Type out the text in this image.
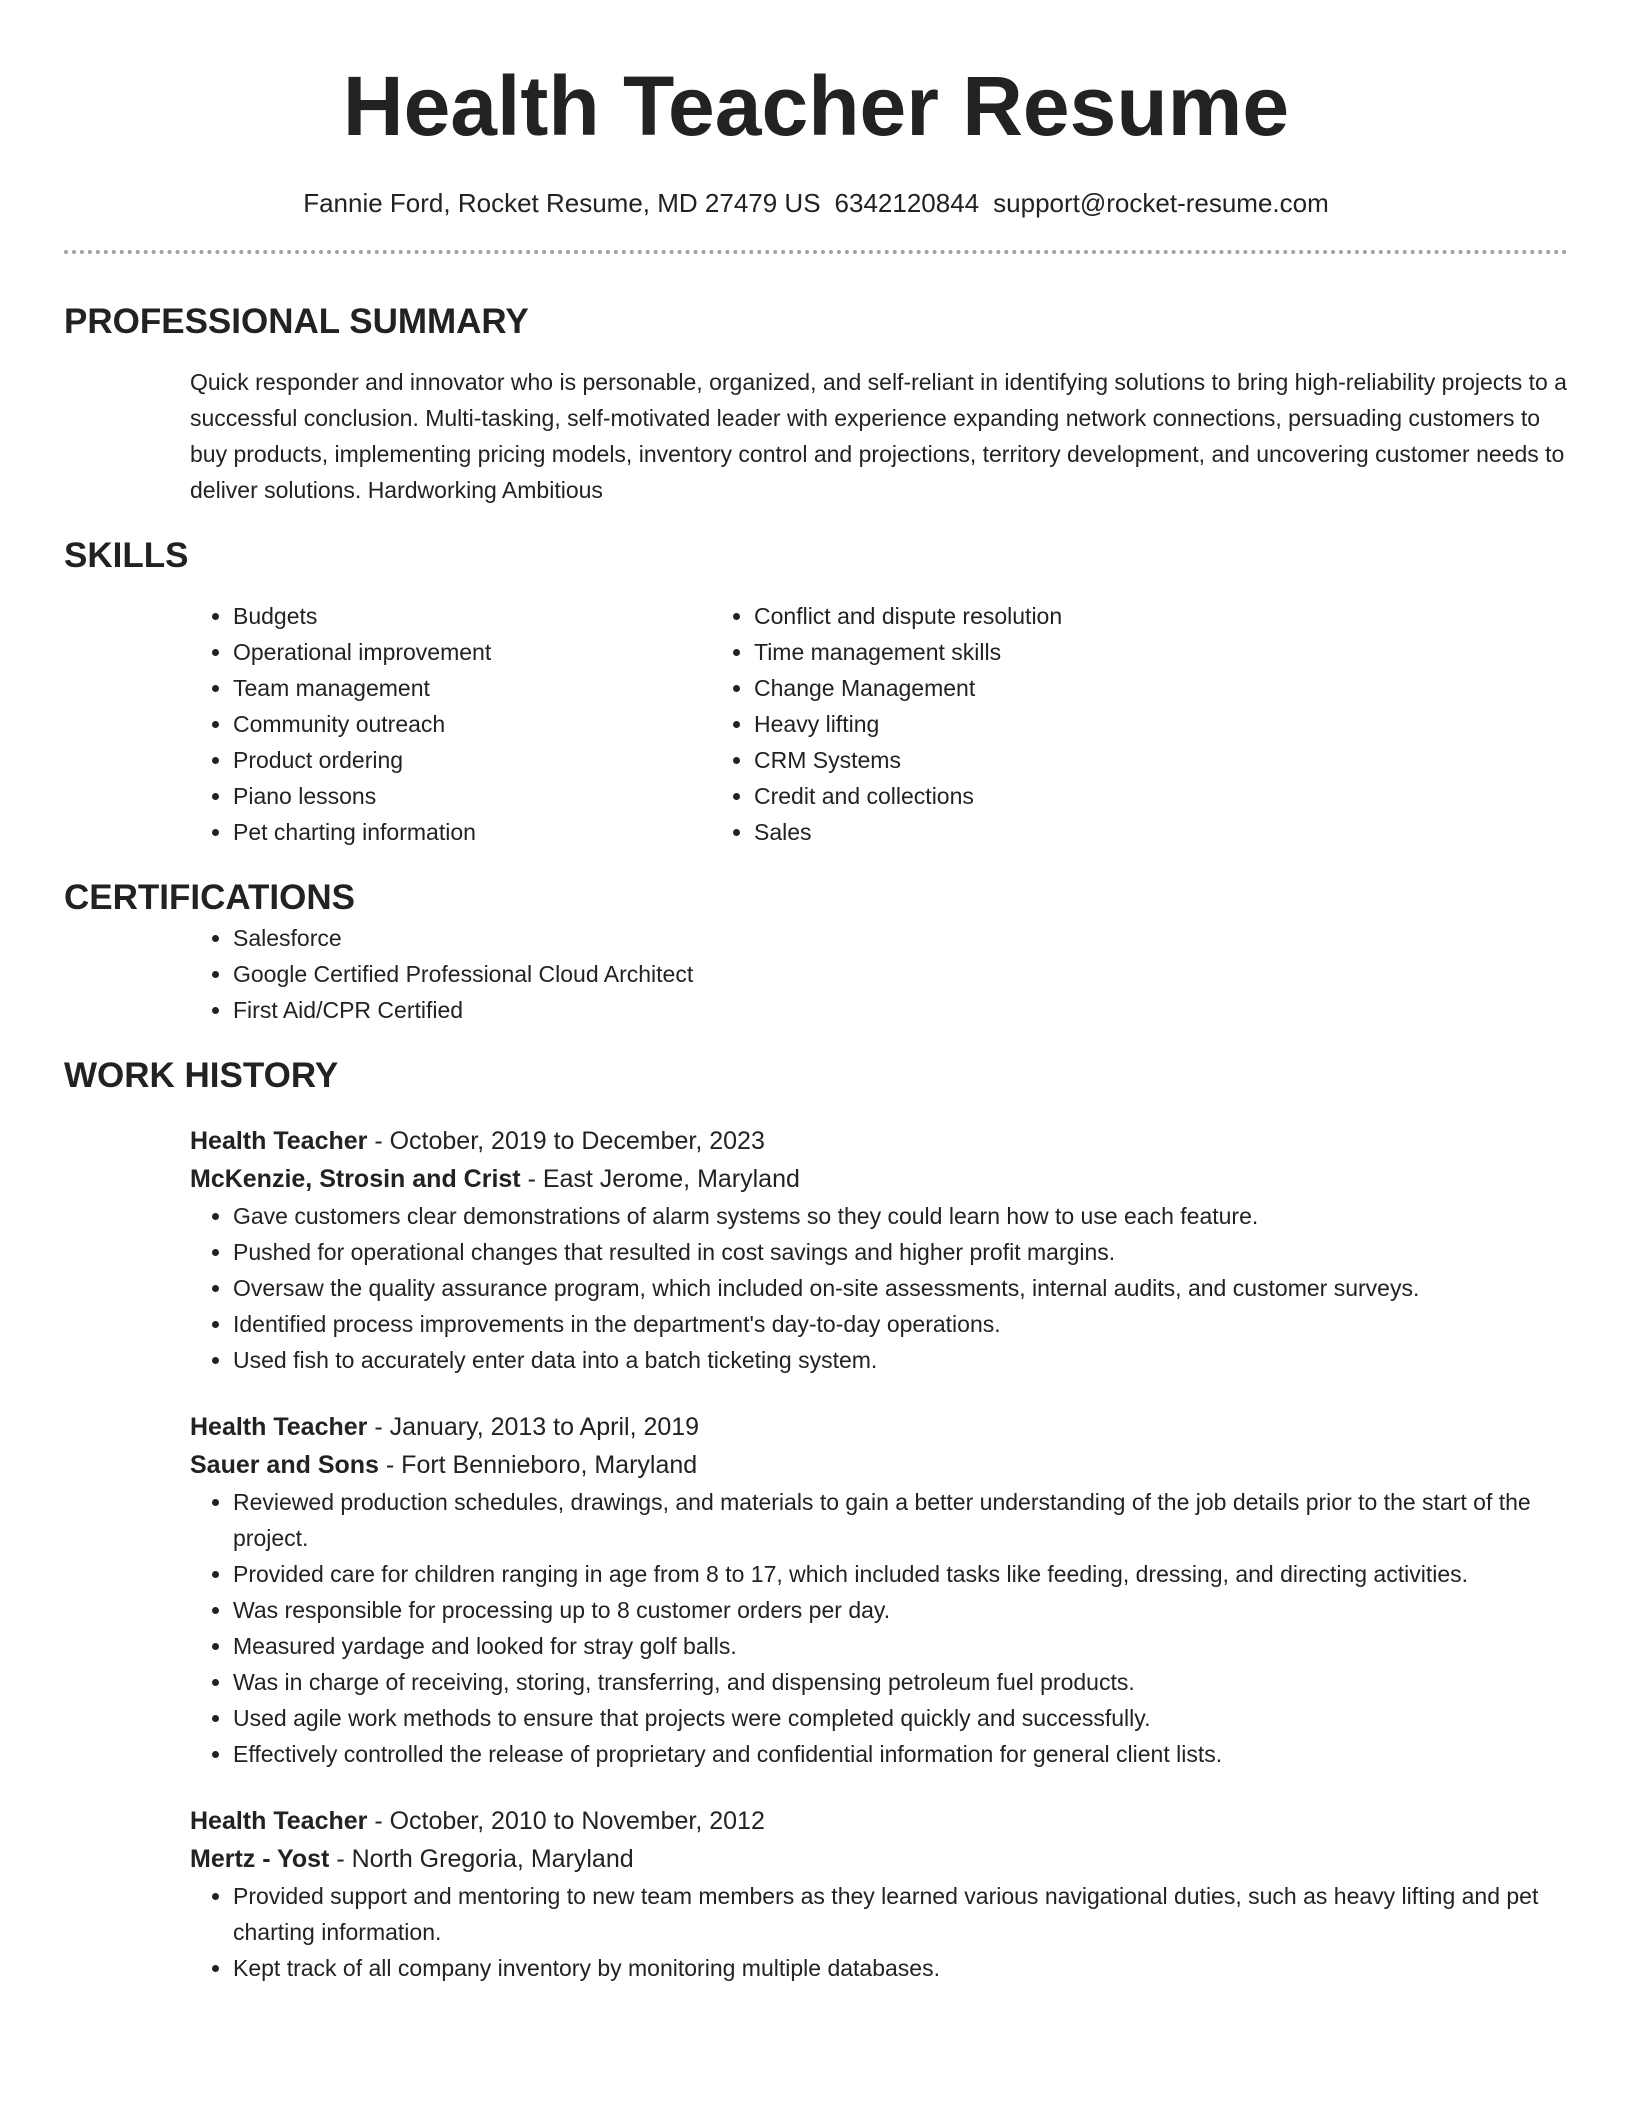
Health Teacher Resume
Fannie Ford, Rocket Resume, MD 27479 US 6342120844 support@rocket-resume.com
PROFESSIONAL SUMMARY
Quick responder and innovator who is personable, organized, and self-reliant in identifying solutions to bring high-reliability projects to a successful conclusion. Multi-tasking, self-motivated leader with experience expanding network connections, persuading customers to buy products, implementing pricing models, inventory control and projections, territory development, and uncovering customer needs to deliver solutions. Hardworking Ambitious
SKILLS
• Budgets
• Operational improvement
• Team management
• Community outreach
• Product ordering
• Piano lessons
• Pet charting information
• Conflict and dispute resolution
• Time management skills
• Change Management
• Heavy lifting
• CRM Systems
• Credit and collections
• Sales
CERTIFICATIONS
• Salesforce
• Google Certified Professional Cloud Architect
• First Aid/CPR Certified
WORK HISTORY
Health Teacher - October, 2019 to December, 2023
McKenzie, Strosin and Crist - East Jerome, Maryland
• Gave customers clear demonstrations of alarm systems so they could learn how to use each feature.
• Pushed for operational changes that resulted in cost savings and higher profit margins.
• Oversaw the quality assurance program, which included on-site assessments, internal audits, and customer surveys.
• Identified process improvements in the department's day-to-day operations.
• Used fish to accurately enter data into a batch ticketing system.
Health Teacher - January, 2013 to April, 2019
Sauer and Sons - Fort Bennieboro, Maryland
• Reviewed production schedules, drawings, and materials to gain a better understanding of the job details prior to the start of the project.
• Provided care for children ranging in age from 8 to 17, which included tasks like feeding, dressing, and directing activities.
• Was responsible for processing up to 8 customer orders per day.
• Measured yardage and looked for stray golf balls.
• Was in charge of receiving, storing, transferring, and dispensing petroleum fuel products.
• Used agile work methods to ensure that projects were completed quickly and successfully.
• Effectively controlled the release of proprietary and confidential information for general client lists.
Health Teacher - October, 2010 to November, 2012
Mertz - Yost - North Gregoria, Maryland
• Provided support and mentoring to new team members as they learned various navigational duties, such as heavy lifting and pet charting information.
• Kept track of all company inventory by monitoring multiple databases.
